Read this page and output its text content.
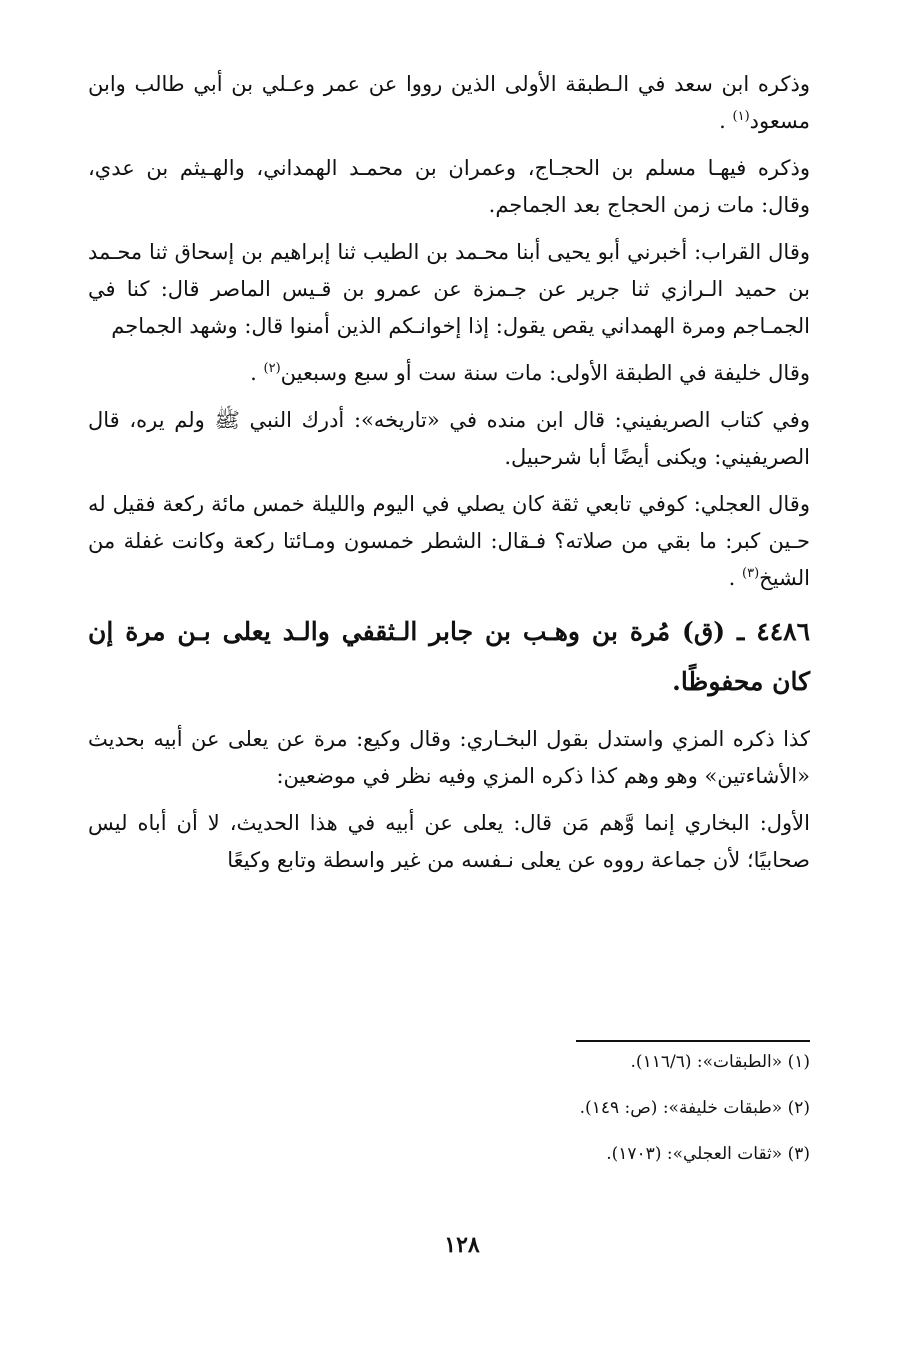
وذكره ابن سعد في الـطبقة الأولى الذين رووا عن عمر وعـلي بن أبي طالب وابن مسعود$^{(١)}$ .

وذكره فيهـا مسلم بن الحجـاج، وعمران بن محمـد الهمداني، والهـيثم بن عدي، وقال: مات زمن الحجاج بعد الجماجم.

وقال القراب: أخبرني أبو يحيى أبنا محـمد بن الطيب ثنا إبراهيم بن إسحاق ثنا محـمد بن حميد الـرازي ثنا جرير عن جـمزة عن عمرو بن قـيس الماصر قال: كنا في الجمـاجم ومرة الهمداني يقص يقول: إذا إخوانـكم الذين أمنوا قال: وشهد الجماجم

وقال خليفة في الطبقة الأولى: مات سنة ست أو سبع وسبعين$^{(٢)}$ .

وفي كتاب الصريفيني: قال ابن منده في «تاريخه»: أدرك النبي ﷺ ولم يره، قال الصريفيني: ويكنى أيضًا أبا شرحبيل.

وقال العجلي: كوفي تابعي ثقة كان يصلي في اليوم والليلة خمس مائة ركعة فقيل له حـين كبر: ما بقي من صلاته؟ فـقال: الشطر خمسون ومـائتا ركعة وكانت غفلة من الشيخ$^{(٣)}$ .

٤٤٨٦ ـ (ق) مُرة بن وهـب بن جابر الـثقفي والـد يعلى بـن مرة إن كان محفوظًا.

كذا ذكره المزي واستدل بقول البخـاري: وقال وكيع: مرة عن يعلى عن أبيه بحديث «الأشاءتين» وهو وهم كذا ذكره المزي وفيه نظر في موضعين:

الأول: البخاري إنما وَّهم مَن قال: يعلى عن أبيه في هذا الحديث، لا أن أباه ليس صحابيًا؛ لأن جماعة رووه عن يعلى نـفسه من غير واسطة وتابع وكيعًا

(١) «الطبقات»: (١١٦/٦).

(٢) «طبقات خليفة»: (ص: ١٤٩).

(٣) «ثقات العجلي»: (١٧٠٣).

١٢٨
